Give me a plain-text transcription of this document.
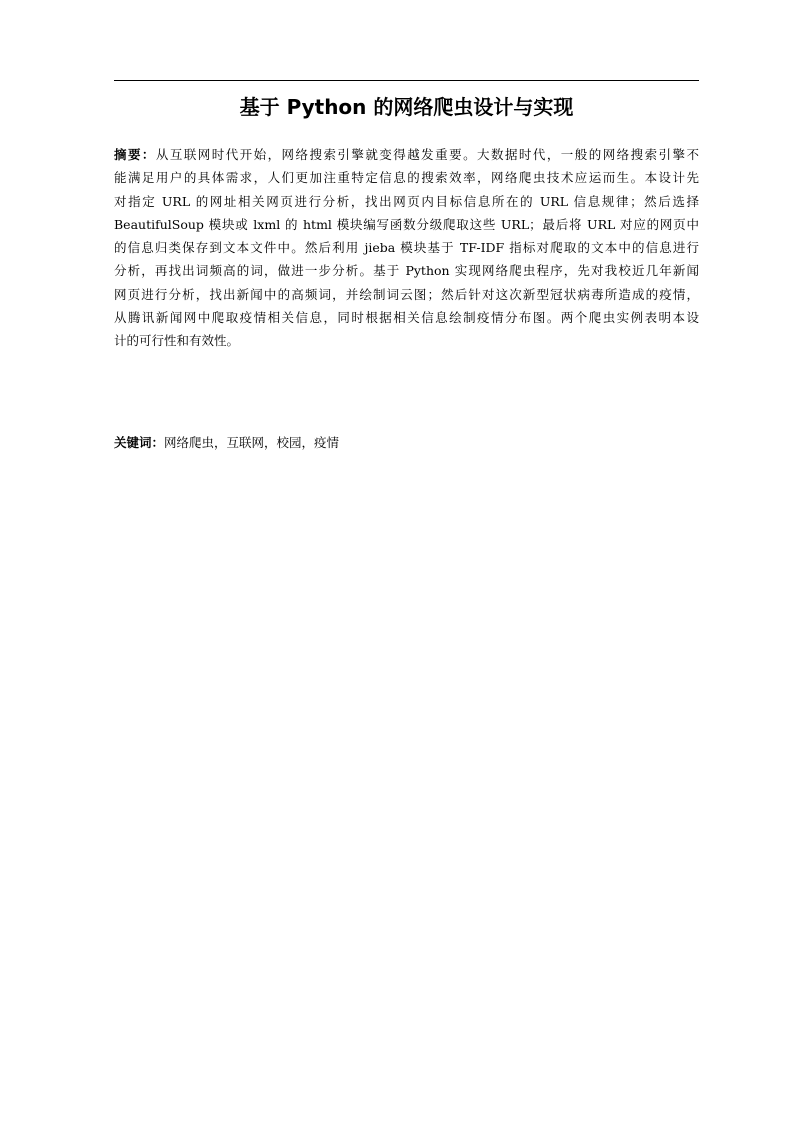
基于 Python 的网络爬虫设计与实现
摘要：从互联网时代开始，网络搜索引擎就变得越发重要。大数据时代，一般的网络搜索引擎不
能满足用户的具体需求，人们更加注重特定信息的搜索效率，网络爬虫技术应运而生。本设计先
对指定 URL 的网址相关网页进行分析，找出网页内目标信息所在的 URL 信息规律；然后选择
BeautifulSoup 模块或 lxml 的 html 模块编写函数分级爬取这些 URL；最后将 URL 对应的网页中
的信息归类保存到文本文件中。然后利用 jieba 模块基于 TF-IDF 指标对爬取的文本中的信息进行
分析，再找出词频高的词，做进一步分析。基于 Python 实现网络爬虫程序，先对我校近几年新闻
网页进行分析，找出新闻中的高频词，并绘制词云图；然后针对这次新型冠状病毒所造成的疫情，
从腾讯新闻网中爬取疫情相关信息，同时根据相关信息绘制疫情分布图。两个爬虫实例表明本设
计的可行性和有效性。

关键词：网络爬虫，互联网，校园，疫情
